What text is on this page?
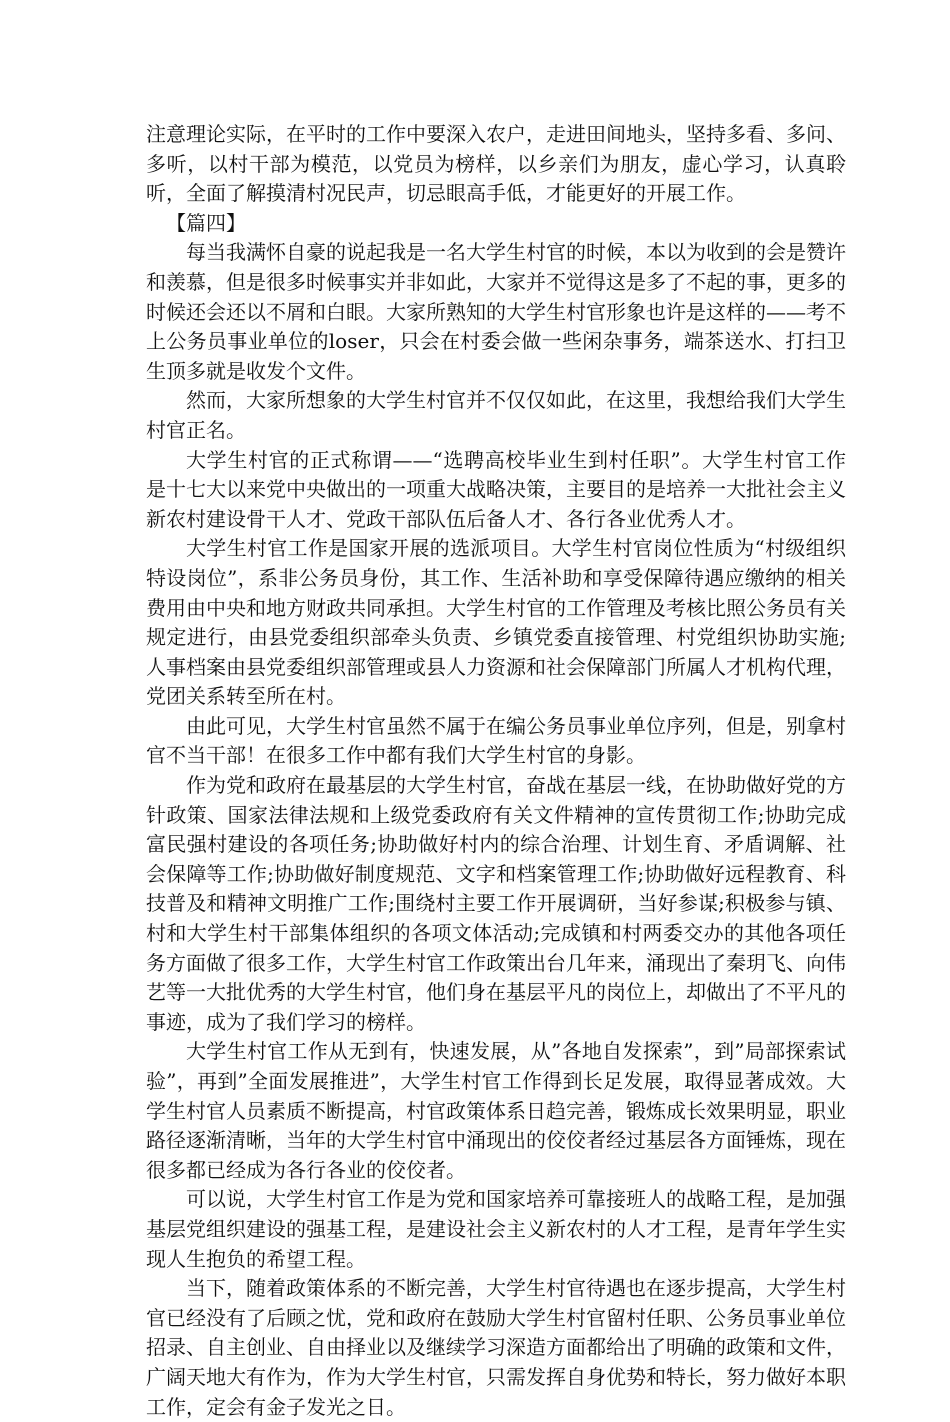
注意理论实际，在平时的工作中要深入农户，走进田间地头，坚持多看、多问、多听，以村干部为模范，以党员为榜样，以乡亲们为朋友，虚心学习，认真聆听，全面了解摸清村况民声，切忌眼高手低，才能更好的开展工作。

【篇四】

每当我满怀自豪的说起我是一名大学生村官的时候，本以为收到的会是赞许和羡慕，但是很多时候事实并非如此，大家并不觉得这是多了不起的事，更多的时候还会还以不屑和白眼。大家所熟知的大学生村官形象也许是这样的——考不上公务员事业单位的loser，只会在村委会做一些闲杂事务，端茶送水、打扫卫生顶多就是收发个文件。

然而，大家所想象的大学生村官并不仅仅如此，在这里，我想给我们大学生村官正名。

大学生村官的正式称谓——“选聘高校毕业生到村任职”。大学生村官工作是十七大以来党中央做出的一项重大战略决策，主要目的是培养一大批社会主义新农村建设骨干人才、党政干部队伍后备人才、各行各业优秀人才。

大学生村官工作是国家开展的选派项目。大学生村官岗位性质为“村级组织特设岗位”，系非公务员身份，其工作、生活补助和享受保障待遇应缴纳的相关费用由中央和地方财政共同承担。大学生村官的工作管理及考核比照公务员有关规定进行，由县党委组织部牵头负责、乡镇党委直接管理、村党组织协助实施;人事档案由县党委组织部管理或县人力资源和社会保障部门所属人才机构代理，党团关系转至所在村。

由此可见，大学生村官虽然不属于在编公务员事业单位序列，但是，别拿村官不当干部！在很多工作中都有我们大学生村官的身影。

作为党和政府在最基层的大学生村官，奋战在基层一线，在协助做好党的方针政策、国家法律法规和上级党委政府有关文件精神的宣传贯彻工作;协助完成富民强村建设的各项任务;协助做好村内的综合治理、计划生育、矛盾调解、社会保障等工作;协助做好制度规范、文字和档案管理工作;协助做好远程教育、科技普及和精神文明推广工作;围绕村主要工作开展调研，当好参谋;积极参与镇、村和大学生村干部集体组织的各项文体活动;完成镇和村两委交办的其他各项任务方面做了很多工作，大学生村官工作政策出台几年来，涌现出了秦玥飞、向伟艺等一大批优秀的大学生村官，他们身在基层平凡的岗位上，却做出了不平凡的事迹，成为了我们学习的榜样。

大学生村官工作从无到有，快速发展，从”各地自发探索”，到”局部探索试验”，再到”全面发展推进”，大学生村官工作得到长足发展，取得显著成效。大学生村官人员素质不断提高，村官政策体系日趋完善，锻炼成长效果明显，职业路径逐渐清晰，当年的大学生村官中涌现出的佼佼者经过基层各方面锤炼，现在很多都已经成为各行各业的佼佼者。

可以说，大学生村官工作是为党和国家培养可靠接班人的战略工程，是加强基层党组织建设的强基工程，是建设社会主义新农村的人才工程，是青年学生实现人生抱负的希望工程。

当下，随着政策体系的不断完善，大学生村官待遇也在逐步提高，大学生村官已经没有了后顾之忧，党和政府在鼓励大学生村官留村任职、公务员事业单位招录、自主创业、自由择业以及继续学习深造方面都给出了明确的政策和文件，广阔天地大有作为，作为大学生村官，只需发挥自身优势和特长，努力做好本职工作，定会有金子发光之日。
